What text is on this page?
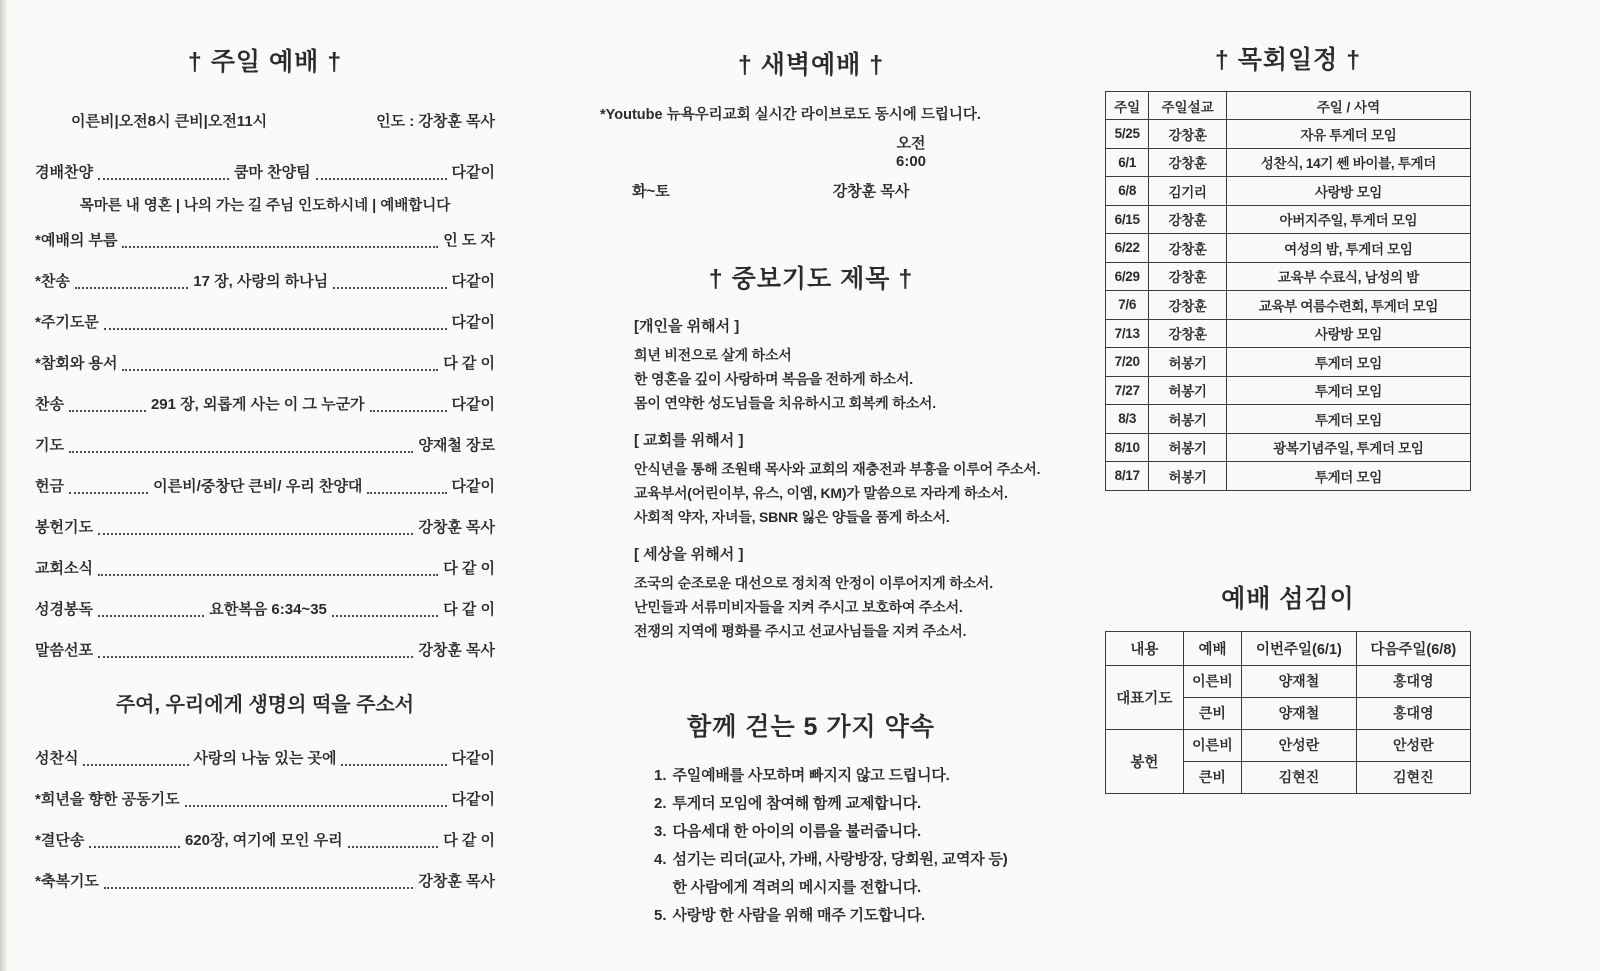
† 주일 예배 †
이른비|오전8시 큰비|오전11시	인도 : 강창훈 목사
경배찬양	쿰마 찬양팀	다같이
목마른 내 영혼 | 나의 가는 길 주님 인도하시네 | 예배합니다
*예배의 부름	인 도 자
*찬송	17 장, 사랑의 하나님	다같이
*주기도문	다같이
*참회와 용서	다 같 이
찬송	291 장, 외롭게 사는 이 그 누군가	다같이
기도	양재철 장로
헌금	이른비/중창단 큰비/ 우리 찬양대	다같이
봉헌기도	강창훈 목사
교회소식	다 같 이
성경봉독	요한복음 6:34~35	다 같 이
말씀선포	강창훈 목사
주여, 우리에게 생명의 떡을 주소서
성찬식	사랑의 나눔 있는 곳에	다같이
*희년을 향한 공동기도	다같이
*결단송	620장, 여기에 모인 우리	다 같 이
*축복기도	강창훈 목사
† 새벽예배 †
*Youtube 뉴욕우리교회 실시간 라이브로도 동시에 드립니다.
오전 6:00
화~토	강창훈 목사
† 중보기도 제목 †
[개인을 위해서 ]
희년 비전으로 살게 하소서
한 영혼을 깊이 사랑하며 복음을 전하게 하소서.
몸이 연약한 성도님들을 치유하시고 회복케 하소서.
[ 교회를 위해서 ]
안식년을 통해 조원태 목사와 교회의 재충전과 부흥을 이루어 주소서.
교육부서(어린이부, 유스, 이엠, KM)가 말씀으로 자라게 하소서.
사회적 약자, 자녀들, SBNR 잃은 양들을 품게 하소서.
[ 세상을 위해서 ]
조국의 순조로운 대선으로 정치적 안정이 이루어지게 하소서.
난민들과 서류미비자들을 지켜 주시고 보호하여 주소서.
전쟁의 지역에 평화를 주시고 선교사님들을 지켜 주소서.
함께 걷는 5 가지 약속
1. 주일예배를 사모하며 빠지지 않고 드립니다.
2. 투게더 모임에 참여해 함께 교제합니다.
3. 다음세대 한 아이의 이름을 불러줍니다.
4. 섬기는 리더(교사, 가배, 사랑방장, 당회원, 교역자 등)
한 사람에게 격려의 메시지를 전합니다.
5. 사랑방 한 사람을 위해 매주 기도합니다.
† 목회일정 †
주일	주일설교	주일 / 사역
5/25	강창훈	자유 투게더 모임
6/1	강창훈	성찬식, 14기 쎈 바이블, 투게더
6/8	김기리	사랑방 모임
6/15	강창훈	아버지주일, 투게더 모임
6/22	강창훈	여성의 밤, 투게더 모임
6/29	강창훈	교육부 수료식, 남성의 밤
7/6	강창훈	교육부 여름수련회, 투게더 모임
7/13	강창훈	사랑방 모임
7/20	허봉기	투게더 모임
7/27	허봉기	투게더 모임
8/3	허봉기	투게더 모임
8/10	허봉기	광복기념주일, 투게더 모임
8/17	허봉기	투게더 모임
예배 섬김이
내용	예배	이번주일(6/1)	다음주일(6/8)
대표기도	이른비	양재철	홍대영
	큰비	양재철	홍대영
봉헌	이른비	안성란	안성란
	큰비	김현진	김현진
